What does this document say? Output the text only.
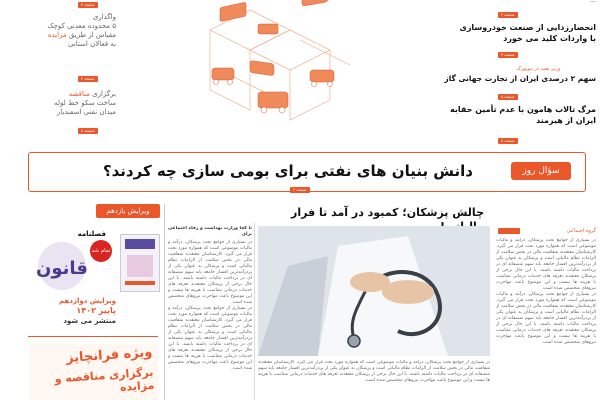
صفحه ۴
واگذاری
۵ محدوده معدنی کوچک
مقیاس از طریق مزایده
به فعالان استانی
صفحه ۴
برگزاری مناقصه
ساخت سکو خط لوله
میدان نفتی اسفندیار
صفحه ۸
صفحه ۲
انحصارزدایی از صنعت خودروسازی
با واردات کلید می خورد
صفحه ۳
وزیر نفت در نیویورک
سهم ۲ درصدی ایران از تجارت جهانی گاز
صفحه ۸
مرگ تالاب هامون با عدم تأمین حقابه
ایران از هیرمند
صفحه ۸
سؤال روز
دانش بنیان های نفتی برای بومی سازی چه کردند؟
صفحه ۲
ویرایش یازدهم
فصلنامه
قانون
تمام شد
ویرایش دوازدهم
پاییز ۱۴۰۲
منتشر می شود
ویژه فرانچایز
برگزاری مناقصه و مزایده
تا کجا وزارت بهداشت و رفاه اجتماعی برای
در بسیاری از جوامع بحث پزشکان، درآمد و مالیات موضوعی است که همواره مورد بحث قرار می گیرد. کارشناسان معتقدند شفافیت مالی در بخش سلامت از الزامات نظام مالیاتی است و پزشکان به عنوان یکی از پردرآمدترین اقشار جامعه باید سهم منصفانه ای در پرداخت مالیات داشته باشند. با این حال برخی از پزشکان معتقدند تعرفه های خدمات درمانی متناسب با هزینه ها نیست و این موضوع باعث مهاجرت نیروهای متخصص شده است.
در بسیاری از جوامع بحث پزشکان، درآمد و مالیات موضوعی است که همواره مورد بحث قرار می گیرد. کارشناسان معتقدند شفافیت مالی در بخش سلامت از الزامات نظام مالیاتی است و پزشکان به عنوان یکی از پردرآمدترین اقشار جامعه باید سهم منصفانه ای در پرداخت مالیات داشته باشند. با این حال برخی از پزشکان معتقدند تعرفه های خدمات درمانی متناسب با هزینه ها نیست و این موضوع باعث مهاجرت نیروهای متخصص شده است.
چالش پزشکان؛ کمبود در آمد تا فرار
گروه اجتماعی
در بسیاری از جوامع بحث پزشکان، درآمد و مالیات موضوعی است که همواره مورد بحث قرار می گیرد. کارشناسان معتقدند شفافیت مالی در بخش سلامت از الزامات نظام مالیاتی است و پزشکان به عنوان یکی از پردرآمدترین اقشار جامعه باید سهم منصفانه ای در پرداخت مالیات داشته باشند. با این حال برخی از پزشکان معتقدند تعرفه های خدمات درمانی متناسب با هزینه ها نیست و این موضوع باعث مهاجرت نیروهای متخصص شده است.
در بسیاری از جوامع بحث پزشکان، درآمد و مالیات موضوعی است که همواره مورد بحث قرار می گیرد. کارشناسان معتقدند شفافیت مالی در بخش سلامت از الزامات نظام مالیاتی است و پزشکان به عنوان یکی از پردرآمدترین اقشار جامعه باید سهم منصفانه ای در پرداخت مالیات داشته باشند. با این حال برخی از پزشکان معتقدند تعرفه های خدمات درمانی متناسب با هزینه ها نیست و این موضوع باعث مهاجرت نیروهای متخصص شده است.
در بسیاری از جوامع بحث پزشکان، درآمد و مالیات موضوعی است که همواره مورد بحث قرار می گیرد. کارشناسان معتقدند شفافیت مالی در بخش سلامت از الزامات نظام مالیاتی است و پزشکان به عنوان یکی از پردرآمدترین اقشار جامعه باید سهم منصفانه ای در پرداخت مالیات داشته باشند. با این حال برخی از پزشکان معتقدند تعرفه های خدمات درمانی متناسب با هزینه ها نیست و این موضوع باعث مهاجرت نیروهای متخصص شده است.
